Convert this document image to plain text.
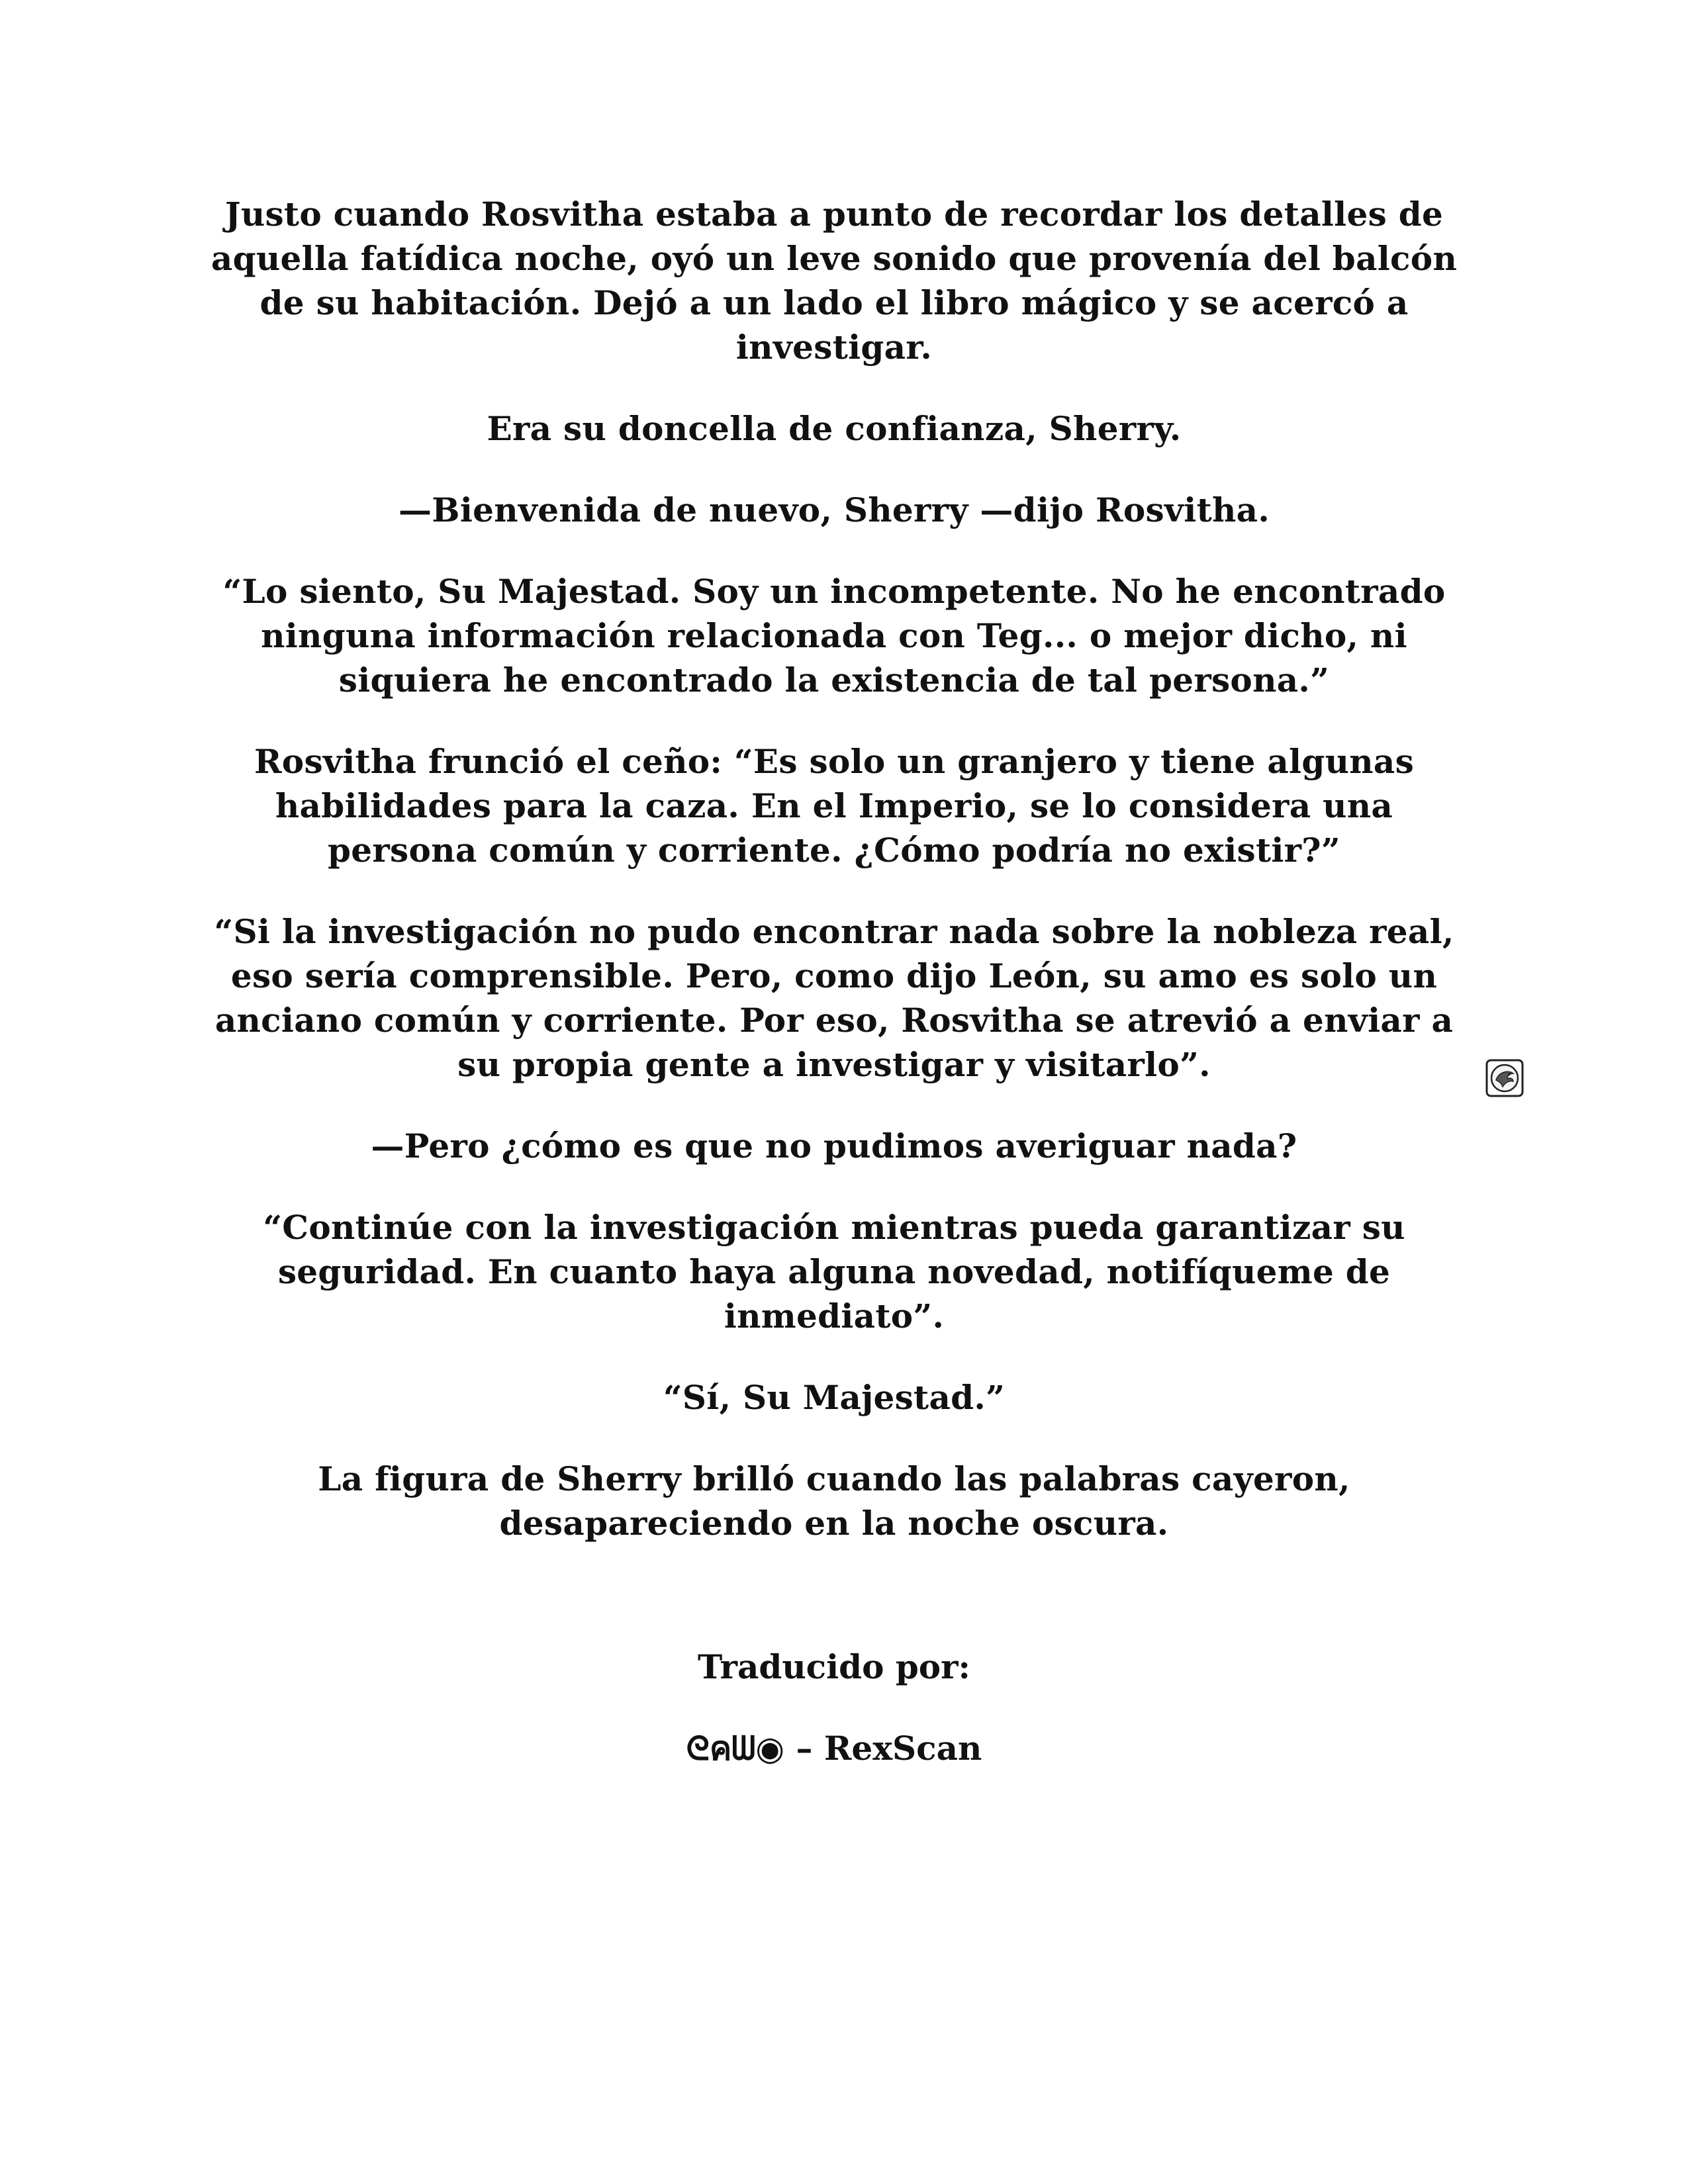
Justo cuando Rosvitha estaba a punto de recordar los detalles de aquella fatídica noche, oyó un leve sonido que provenía del balcón de su habitación. Dejó a un lado el libro mágico y se acercó a investigar.

Era su doncella de confianza, Sherry.

—Bienvenida de nuevo, Sherry —dijo Rosvitha.

“Lo siento, Su Majestad. Soy un incompetente. No he encontrado ninguna información relacionada con Teg... o mejor dicho, ni siquiera he encontrado la existencia de tal persona.”

Rosvitha frunció el ceño: “Es solo un granjero y tiene algunas habilidades para la caza. En el Imperio, se lo considera una persona común y corriente. ¿Cómo podría no existir?”

“Si la investigación no pudo encontrar nada sobre la nobleza real, eso sería comprensible. Pero, como dijo León, su amo es solo un anciano común y corriente. Por eso, Rosvitha se atrevió a enviar a su propia gente a investigar y visitarlo”.

—Pero ¿cómo es que no pudimos averiguar nada?

“Continúe con la investigación mientras pueda garantizar su seguridad. En cuanto haya alguna novedad, notifíqueme de inmediato”.

“Sí, Su Majestad.”

La figura de Sherry brilló cuando las palabras cayeron, desapareciendo en la noche oscura.

Traducido por:

ᘓคᗯ◉ – RexScan
